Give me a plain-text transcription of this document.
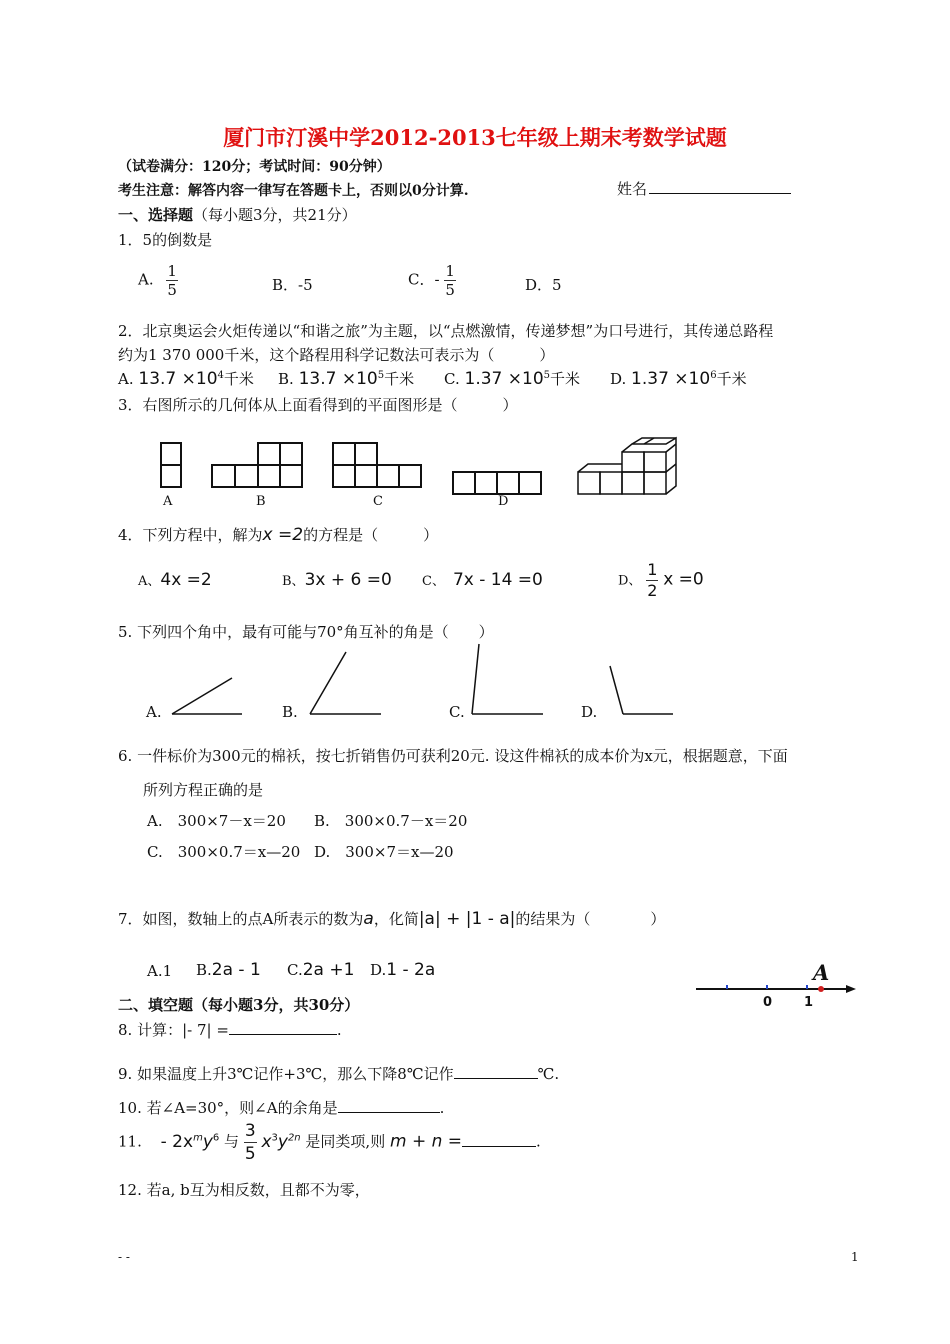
厦门市汀溪中学2012-2013七年级上期末考数学试题
（试卷满分：120分；考试时间：90分钟）
考生注意：解答内容一律写在答题卡上，否则以0分计算.	姓名
一、选择题（每小题3分，共21分）
1．5的倒数是
A. $\frac{1}{5}$	B．-5	C．- $\frac{1}{5}$	D．5
2．北京奥运会火炬传递以“和谐之旅”为主题，以“点燃激情，传递梦想”为口号进行，其传递总路程
约为1 370 000千米，这个路程用科学记数法可表示为（　　　）
A. $13.7 \times 10^4$千米 B. $13.7 \times 10^5$千米 C. $1.37 \times 10^5$千米 D. $1.37 \times 10^6$千米
3．右图所示的几何体从上面看得到的平面图形是（　　　）
A	B	C	D
4．下列方程中，解为x =2的方程是（　　　）
A、4x =2	B、3x + 6 =0 C、 7x - 14 =0	D、 $\frac{1}{2}$ x =0
5. 下列四个角中，最有可能与70°角互补的角是（　　）
A.	B.	C.	D.
6. 一件标价为300元的棉袄，按七折销售仍可获利20元. 设这件棉袄的成本价为x元，根据题意，下面
所列方程正确的是
A.　300×7－x＝20 B.　300×0.7－x＝20
C.　300×0.7＝x—20 D.　300×7＝x—20
7．如图，数轴上的点A所表示的数为a，化简|a| + |1 - a|的结果为（　　　　）
A.1 B.2a - 1 C.2a +1 D.1 - 2a	A
0 1
二、填空题（每小题3分，共30分）
8. 计算：|- 7| =	.
9. 如果温度上升3℃记作+3℃，那么下降8℃记作	℃.
10. 若∠A=30°，则∠A的余角是	.
11. - $2x^my^6$ 与 $\frac{3}{5} x^3y^{2n}$ 是同类项,则 m + n =	.
12. 若a, b互为相反数，且都不为零，
- -	1
